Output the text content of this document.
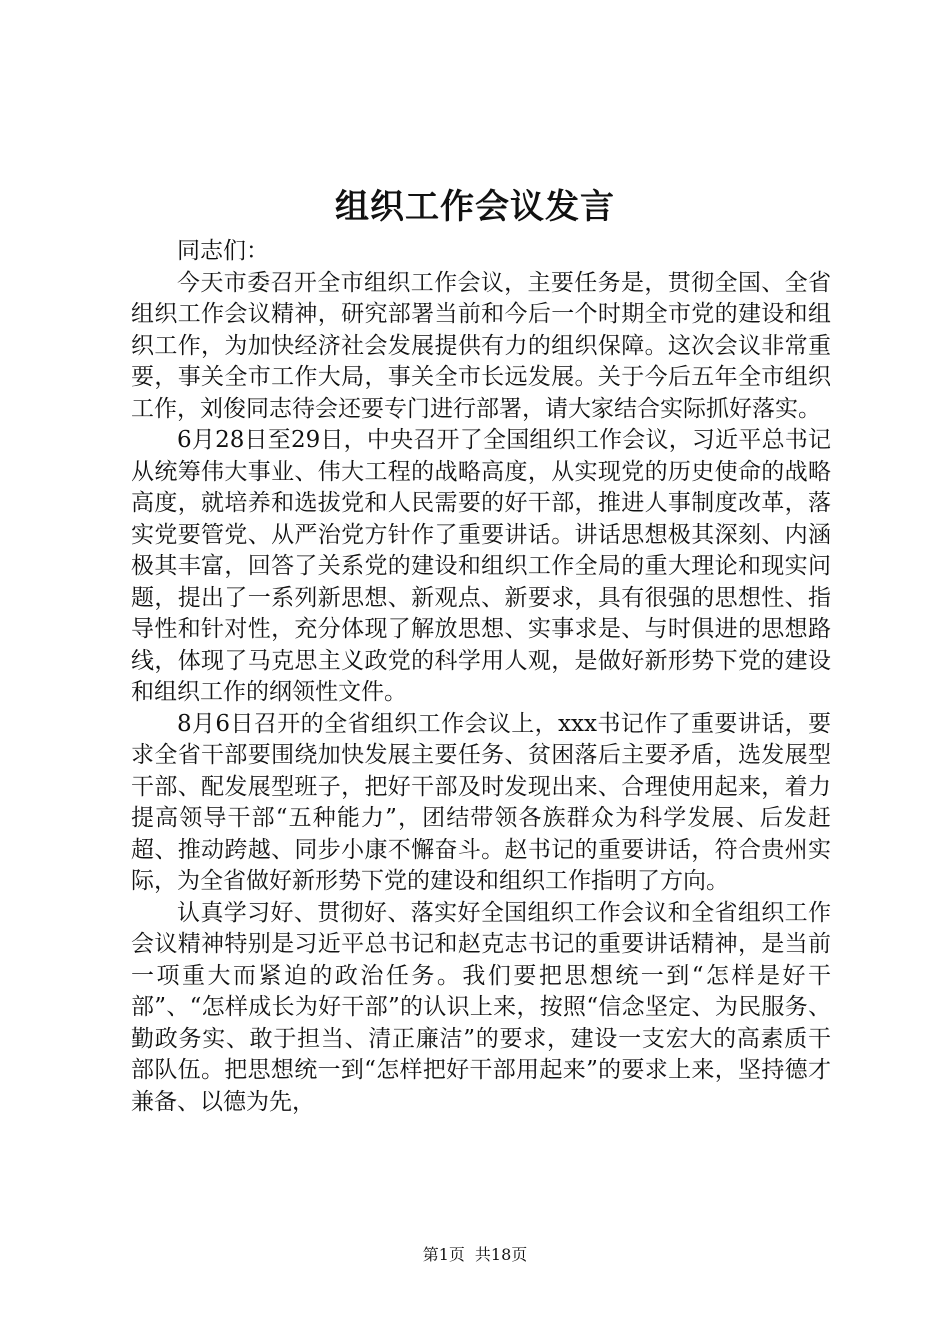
组织工作会议发言

同志们：

今天市委召开全市组织工作会议，主要任务是，贯彻全国、全省组织工作会议精神，研究部署当前和今后一个时期全市党的建设和组织工作，为加快经济社会发展提供有力的组织保障。这次会议非常重要，事关全市工作大局，事关全市长远发展。关于今后五年全市组织工作，刘俊同志待会还要专门进行部署，请大家结合实际抓好落实。

6月28日至29日，中央召开了全国组织工作会议，习近平总书记从统筹伟大事业、伟大工程的战略高度，从实现党的历史使命的战略高度，就培养和选拔党和人民需要的好干部，推进人事制度改革，落实党要管党、从严治党方针作了重要讲话。讲话思想极其深刻、内涵极其丰富，回答了关系党的建设和组织工作全局的重大理论和现实问题，提出了一系列新思想、新观点、新要求，具有很强的思想性、指导性和针对性，充分体现了解放思想、实事求是、与时俱进的思想路线，体现了马克思主义政党的科学用人观，是做好新形势下党的建设和组织工作的纲领性文件。

8月6日召开的全省组织工作会议上，xxx书记作了重要讲话，要求全省干部要围绕加快发展主要任务、贫困落后主要矛盾，选发展型干部、配发展型班子，把好干部及时发现出来、合理使用起来，着力提高领导干部“五种能力”，团结带领各族群众为科学发展、后发赶超、推动跨越、同步小康不懈奋斗。赵书记的重要讲话，符合贵州实际，为全省做好新形势下党的建设和组织工作指明了方向。

认真学习好、贯彻好、落实好全国组织工作会议和全省组织工作会议精神特别是习近平总书记和赵克志书记的重要讲话精神，是当前一项重大而紧迫的政治任务。我们要把思想统一到“怎样是好干部”、“怎样成长为好干部”的认识上来，按照“信念坚定、为民服务、勤政务实、敢于担当、清正廉洁”的要求，建设一支宏大的高素质干部队伍。把思想统一到“怎样把好干部用起来”的要求上来，坚持德才兼备、以德为先，

第1页 共18页
